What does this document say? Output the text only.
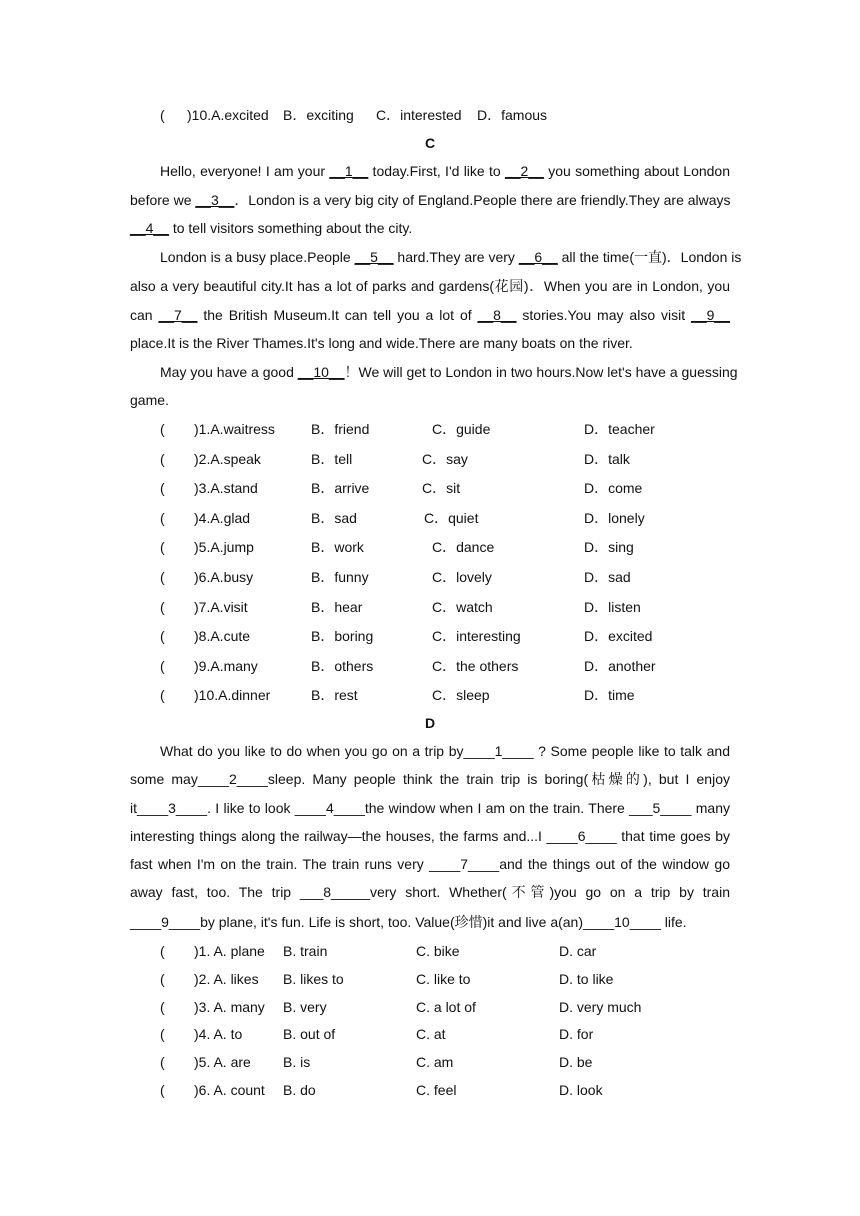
( )10.A.excited B．exciting C．interested D．famous
C
Hello, everyone! I am your __1__ today.First, I'd like to __2__ you something about London
before we __3__．London is a very big city of England.People there are friendly.They are always
__4__ to tell visitors something about the city.
London is a busy place.People __5__ hard.They are very __6__ all the time(一直)．London is
also a very beautiful city.It has a lot of parks and gardens(花园)．When you are in London, you
can __7__ the British Museum.It can tell you a lot of __8__ stories.You may also visit __9__
place.It is the River Thames.It's long and wide.There are many boats on the river.
May you have a good __10__！We will get to London in two hours.Now let's have a guessing
game.
( )1.A.waitress	B．friend	C．guide	D．teacher
( )2.A.speak	B．tell	C．say	D．talk
( )3.A.stand	B．arrive	C．sit	D．come
( )4.A.glad	B．sad	C．quiet	D．lonely
( )5.A.jump	B．work	C．dance	D．sing
( )6.A.busy	B．funny	C．lovely	D．sad
( )7.A.visit	B．hear	C．watch	D．listen
( )8.A.cute	B．boring	C．interesting	D．excited
( )9.A.many	B．others	C．the others	D．another
( )10.A.dinner	B．rest	C．sleep	D．time
D
What do you like to do when you go on a trip by____1____ ? Some people like to talk and
some may____2____sleep. Many people think the train trip is boring(枯燥的), but I enjoy
it____3____. I like to look ____4____the window when I am on the train. There ___5____ many
interesting things along the railway—the houses, the farms and...I ____6____ that time goes by
fast when I'm on the train. The train runs very ____7____and the things out of the window go
away fast, too. The trip ___8_____very short. Whether(不管)you go on a trip by train
____9____by plane, it's fun. Life is short, too. Value(珍惜)it and live a(an)____10____ life.
( )1. A. plane B. train	C. bike	D. car
( )2. A. likes B. likes to	C. like to	D. to like
( )3. A. many B. very	C. a lot of	D. very much
( )4. A. to	B. out of	C. at	D. for
( )5. A. are B. is	C. am	D. be
( )6. A. count B. do	C. feel	D. look
